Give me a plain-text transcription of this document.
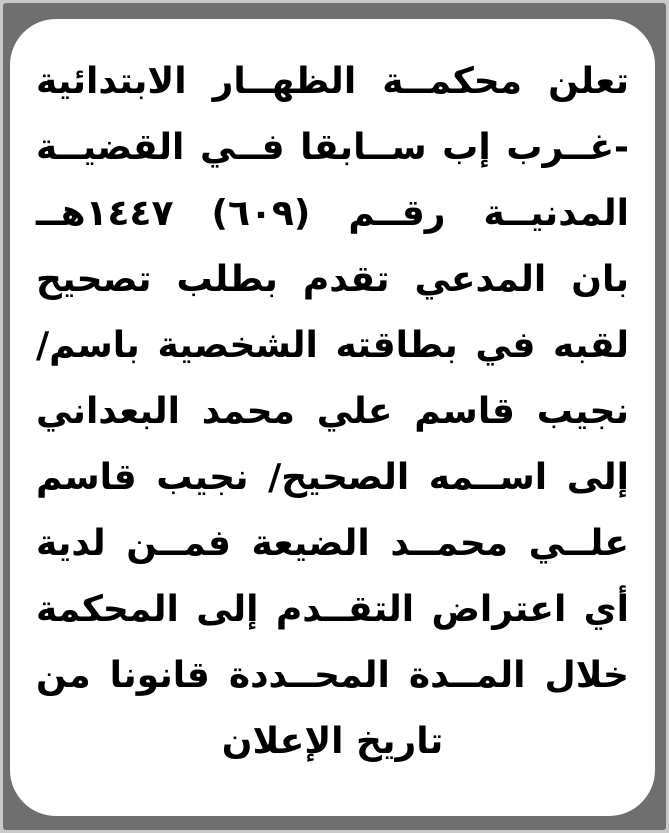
تعلن محكمــة الظهــار الابتدائية
-غــرب إب ســابقا فــي القضيــة
المدنيــة رقــم (٦٠٩) ١٤٤٧هــ
بان المدعي تقدم بطلب تصحيح
لقبه في بطاقته الشخصية باسم/
نجيب قاسم علي محمد البعداني
إلى اســمه الصحيح/ نجيب قاسم
علــي محمــد الضيعة فمــن لدية
أي اعتراض التقــدم إلى المحكمة
خلال المــدة المحــددة قانونا من
تاريخ الإعلان
